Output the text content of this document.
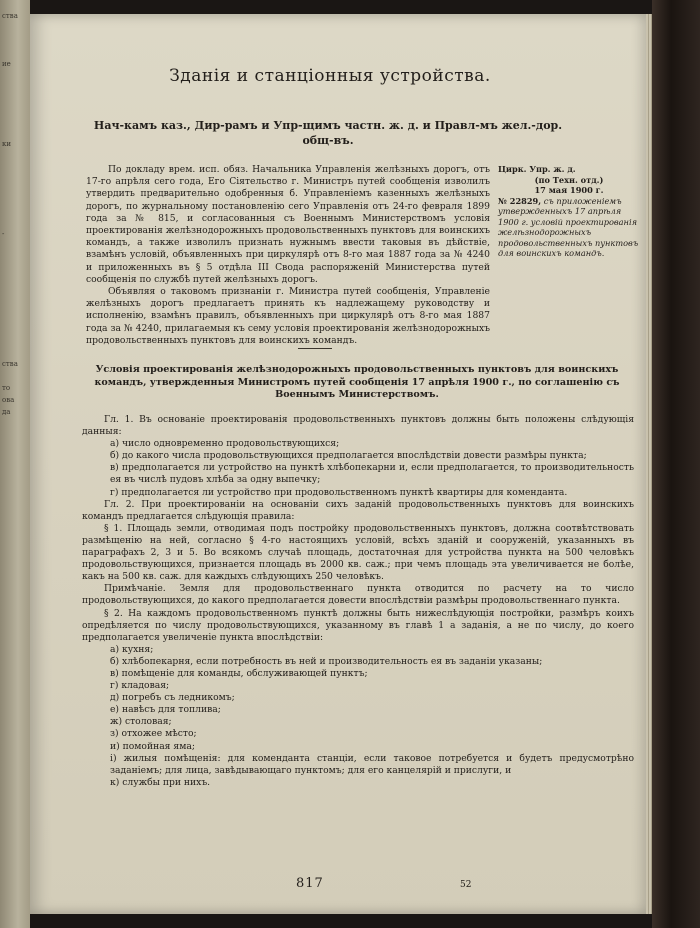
ства
ие
ки
-
ства
то
ова
да
Зданія и станціонныя устройства.
Нач-камъ каз., Дир-рамъ и Упр-щимъ частн. ж. д. и Правл-мъ жел.-дор. общ-въ.
По докладу врем. исп. обяз. Начальника Управленія желѣзныхъ дорогъ, отъ 17-го апрѣля сего года, Его Сіятельство г. Министръ путей сообщенія изволилъ утвердить предварительно одобренныя б. Управленіемъ казенныхъ желѣзныхъ дорогъ, по журнальному постановленію сего Управленія отъ 24-го февраля 1899 года за № 815, и согласованныя съ Военнымъ Министерствомъ условія проектированія желѣзнодорожныхъ продовольственныхъ пунктовъ для воинскихъ командъ, а также изволилъ признать нужнымъ ввести таковыя въ дѣйствіе, взамѣнъ условій, объявленныхъ при циркулярѣ отъ 8-го мая 1887 года за № 4240 и приложенныхъ въ § 5 отдѣла III Свода распоряженій Министерства путей сообщенія по службѣ путей желѣзныхъ дорогъ.
Объявляя о таковомъ признаніи г. Министра путей сообщенія, Управленіе желѣзныхъ дорогъ предлагаетъ принять къ надлежащему руководству и исполненію, взамѣнъ правилъ, объявленныхъ при циркулярѣ отъ 8-го мая 1887 года за № 4240, прилагаемыя къ сему условія проектированія желѣзнодорожныхъ продовольственныхъ пунктовъ для воинскихъ командъ.
Цирк. Упр. ж. д.
(по Техн. отд.)
17 мая 1900 г.
№ 22829, съ приложеніемъ утвержденныхъ 17 апрѣля 1900 г. условій проектированія желѣзнодорожныхъ продовольственныхъ пунктовъ для воинскихъ командъ.
Условія проектированія желѣзнодорожныхъ продовольственныхъ пунктовъ для воинскихъ командъ, утвержденныя Министромъ путей сообщенія 17 апрѣля 1900 г., по соглашенію съ Военнымъ Министерствомъ.
Гл. 1. Въ основаніе проектированія продовольственныхъ пунктовъ должны быть положены слѣдующія данныя:
а) число одновременно продовольствующихся;
б) до какого числа продовольствующихся предполагается впослѣдствіи довести размѣры пункта;
в) предполагается ли устройство на пунктѣ хлѣбопекарни и, если предполагается, то производительность ея въ числѣ пудовъ хлѣба за одну выпечку;
г) предполагается ли устройство при продовольственномъ пунктѣ квартиры для коменданта.
Гл. 2. При проектированіи на основаніи сихъ заданій продовольственныхъ пунктовъ для воинскихъ командъ предлагается слѣдующія правила:
§ 1. Площадь земли, отводимая подъ постройку продовольственныхъ пунктовъ, должна соотвѣтствовать размѣщенію на ней, согласно § 4-го настоящихъ условій, всѣхъ зданій и сооруженій, указанныхъ въ параграфахъ 2, 3 и 5. Во всякомъ случаѣ площадь, достаточная для устройства пункта на 500 человѣкъ продовольствующихся, признается площадь въ 2000 кв. саж.; при чемъ площадь эта увеличивается не болѣе, какъ на 500 кв. саж. для каждыхъ слѣдующихъ 250 человѣкъ.
Примѣчаніе. Земля для продовольственнаго пункта отводится по расчету на то число продовольствующихся, до какого предполагается довести впослѣдствіи размѣры продовольственнаго пункта.
§ 2. На каждомъ продовольственномъ пунктѣ должны быть нижеслѣдующія постройки, размѣръ коихъ опредѣляется по числу продовольствующихся, указанному въ главѣ 1 а заданія, а не по числу, до коего предполагается увеличеніе пункта впослѣдствіи:
а) кухня;
б) хлѣбопекарня, если потребность въ ней и производительность ея въ заданіи указаны;
в) помѣщеніе для команды, обслуживающей пунктъ;
г) кладовая;
д) погребъ съ ледникомъ;
е) навѣсъ для топлива;
ж) столовая;
з) отхожее мѣсто;
и) помойная яма;
і) жилыя помѣщенія: для коменданта станціи, если таковое потребуется и будетъ предусмотрѣно заданіемъ; для лица, завѣдывающаго пунктомъ; для его канцелярій и прислуги, и
к) службы при нихъ.
817	52
